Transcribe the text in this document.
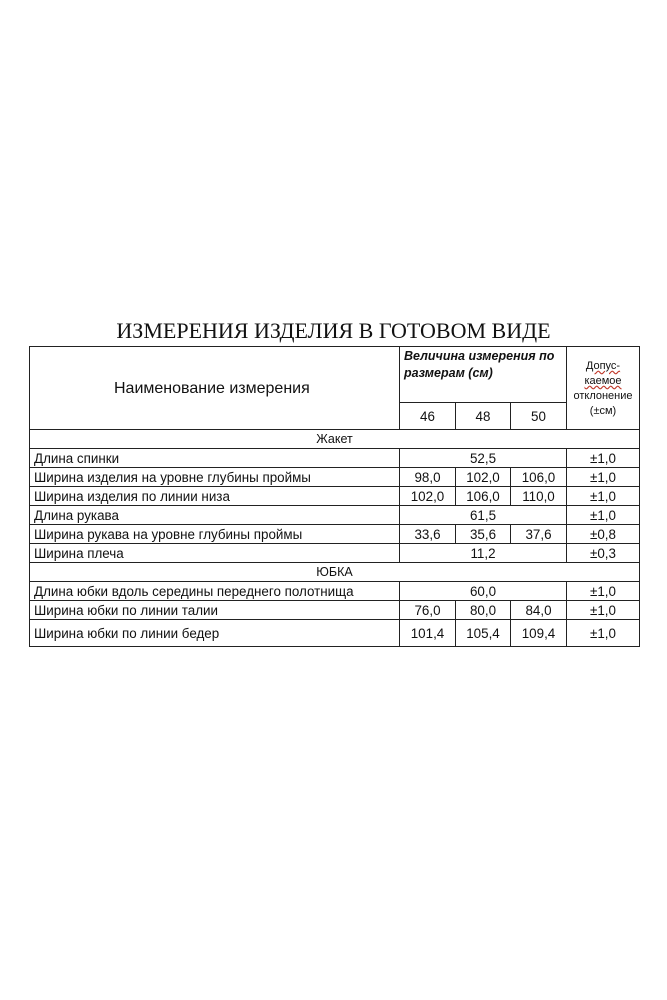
ИЗМЕРЕНИЯ ИЗДЕЛИЯ В ГОТОВОМ ВИДЕ
Наименование измерения	Величина измерения по размерам (см)			Допус-
каемое
отклонение
(±см)
	46	48	50	
Жакет				
Длина спинки	52,5			±1,0
Ширина изделия на уровне глубины проймы	98,0	102,0	106,0	±1,0
Ширина изделия по линии низа	102,0	106,0	110,0	±1,0
Длина рукава	61,5			±1,0
Ширина рукава на уровне глубины проймы	33,6	35,6	37,6	±0,8
Ширина плеча	11,2			±0,3
ЮБКА				
Длина юбки вдоль середины переднего полотнища	60,0			±1,0
Ширина юбки по линии талии	76,0	80,0	84,0	±1,0
Ширина юбки по линии бедер	101,4	105,4	109,4	±1,0
